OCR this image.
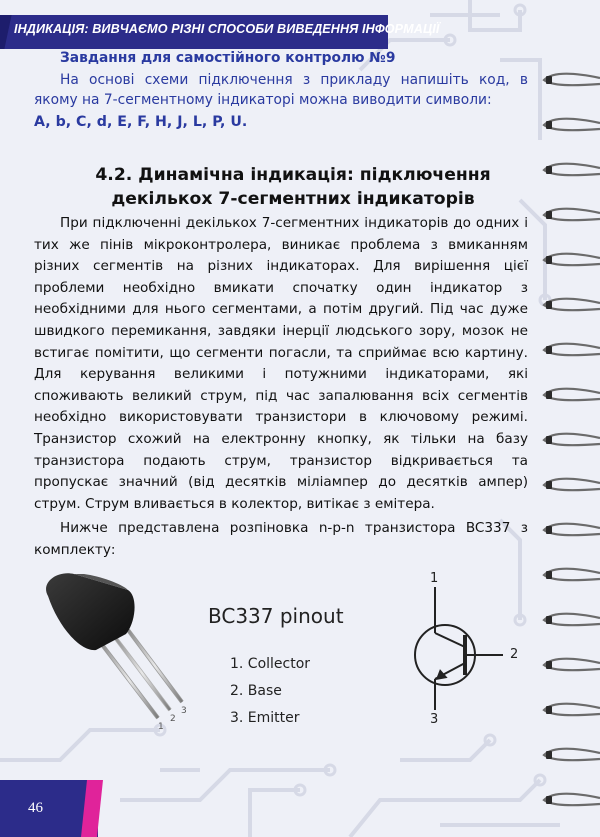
ІНДИКАЦІЯ: ВИВЧАЄМО РІЗНІ СПОСОБИ ВИВЕДЕННЯ ІНФОРМАЦІЇ
Завдання для самостійного контролю №9
На основі схеми підключення з прикладу напишіть код, в якому на 7-сегментному індикаторі можна виводити символи:
A, b, C, d, E, F, H, J, L, P, U.
4.2. Динамічна індикація: підключення
декількох 7-сегментних індикаторів

При підключенні декількох 7-сегментних індикаторів до одних і тих же пінів мікроконтролера, виникає проблема з вмиканням різних сегментів на різних індикаторах. Для вирішення цієї проблеми необхідно вмикати спочатку один індикатор з необхідними для нього сегментами, а потім другий. Під час дуже швидкого перемикання, завдяки інерції людського зору, мозок не встигає помітити, що сегменти погасли, та сприймає всю картину. Для керування великими і потужними індикаторами, які споживають великий струм, під час запалювання всіх сегментів необхідно використовувати транзистори в ключовому режимі. Транзистор схожий на електронну кнопку, як тільки на базу транзистора подають струм, транзистор відкривається та пропускає значний (від десятків міліампер до десятків ампер) струм. Струм вливається в колектор, витікає з емітера.

Нижче представлена розпіновка n-p-n транзистора BC337 з комплекту:

1
2
3
BC337 pinout
1. Collector
2. Base
3. Emitter
1
2
3
46
